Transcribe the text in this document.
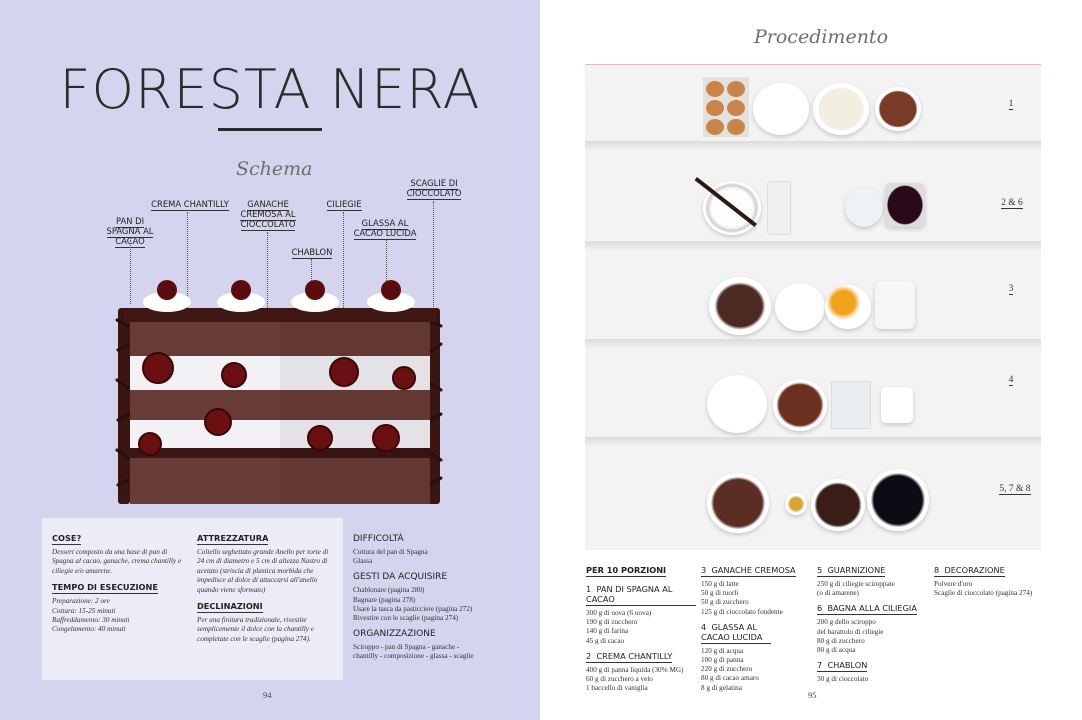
FORESTA NERA
Schema
PAN DI SPAGNA AL CACAO
CREMA CHANTILLY	GANACHE CREMOSA AL CIOCCOLATO
CHABLON
CILIEGIE
GLASSA AL CACAO LUCIDA
SCAGLIE DI CIOCCOLATO
COSE?
Dessert composto da una base di pan di Spagna al cacao, ganache, crema chantilly e ciliegie e/o amarene.
TEMPO DI ESECUZIONE
Preparazione: 2 ore
Cottura: 15-25 minuti
Raffreddamento: 30 minuti
Congelamento: 40 minuti
ATTREZZATURA
Coltello seghettato grande Anello per torte di 24 cm di diametro e 5 cm di altezza Nastro di acetato (striscia di plastica morbida che impedisce al dolce di attaccarsi all'anello quando viene sformato)
DECLINAZIONI
Per una finitura tradizionale, rivestite semplicemente il dolce con la chantilly e completate con le scaglie (pagina 274).
DIFFICOLTÀ
Cottura del pan di Spagna
Glassa
GESTI DA ACQUISIRE
Chablonare (pagina 280)
Bagnare (pagina 278)
Usare la tasca da pasticciere (pagina 272)
Rivestire con le scaglie (pagina 274)
ORGANIZZAZIONE
Sciroppo - pan di Spagna - ganache - chantilly - composizione - glassa - scaglie
94
Procedimento
1
2 & 6
3
4
5, 7 & 8
PER 10 PORZIONI 1 PAN DI SPAGNA AL CACAO
300 g di uova (6 uova)
190 g di zucchero
140 g di farina
45 g di cacao
2 CREMA CHANTILLY
400 g di panna liquida (30% MG)
60 g di zucchero a velo
1 baccello di vaniglia
3 GANACHE CREMOSA
150 g di latte
50 g di tuorli
50 g di zucchero
125 g di cioccolato fondente
4 GLASSA AL CACAO LUCIDA
120 g di acqua
100 g di panna
220 g di zucchero
80 g di cacao amaro
8 g di gelatina
5 GUARNIZIONE
250 g di ciliegie sciroppate
(o di amarene)
6 BAGNA ALLA CILIEGIA
200 g dello sciroppo
del barattolo di ciliegie
80 g di zucchero
80 g di acqua
7 CHABLON
30 g di cioccolato
8 DECORAZIONE
Polvere d'oro
Scaglie di cioccolato (pagina 274)
95
